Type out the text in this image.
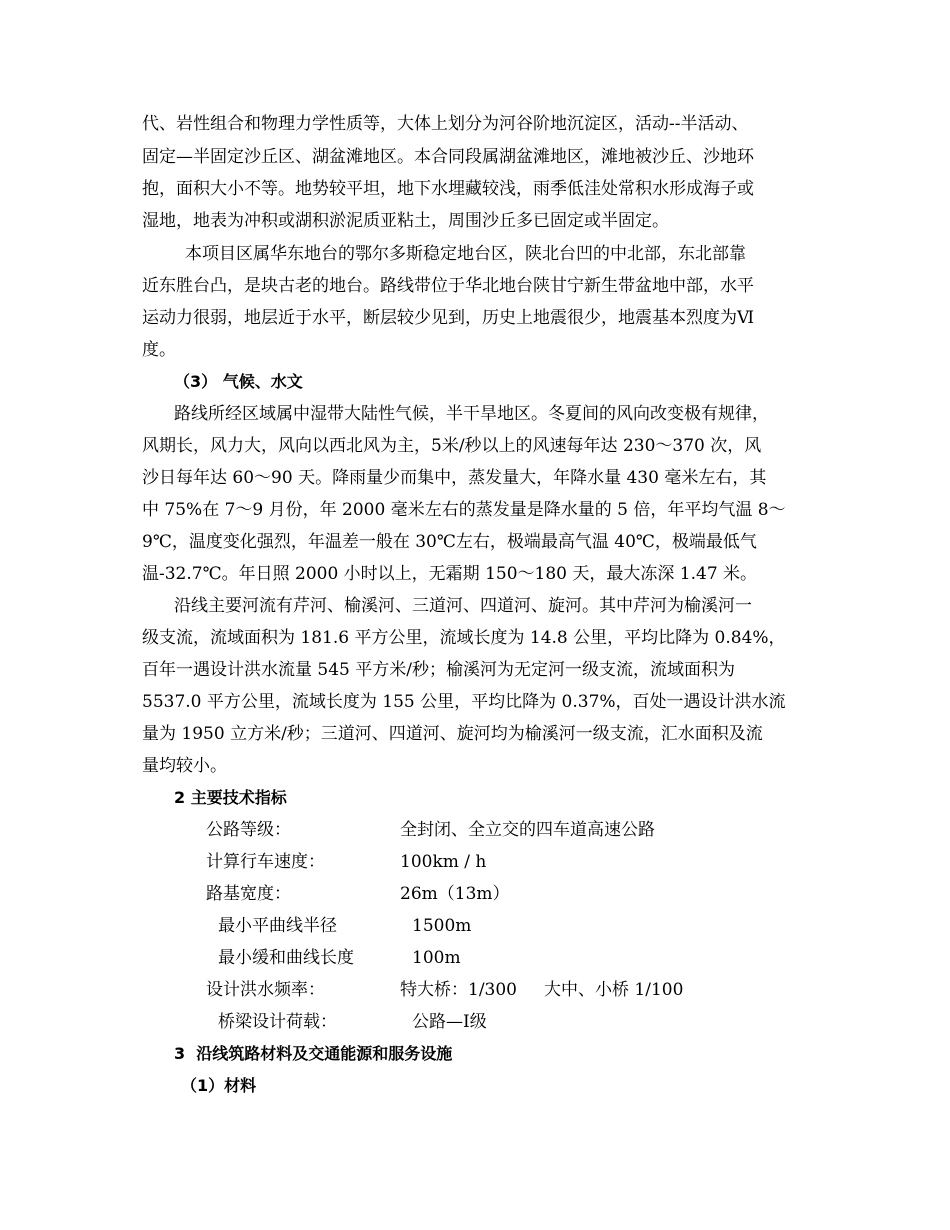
代、岩性组合和物理力学性质等，大体上划分为河谷阶地沉淀区，活动--半活动、
固定—半固定沙丘区、湖盆滩地区。本合同段属湖盆滩地区，滩地被沙丘、沙地环
抱，面积大小不等。地势较平坦，地下水埋藏较浅，雨季低洼处常积水形成海子或
湿地，地表为冲积或湖积淤泥质亚粘土，周围沙丘多已固定或半固定。
本项目区属华东地台的鄂尔多斯稳定地台区，陕北台凹的中北部，东北部靠
近东胜台凸，是块古老的地台。路线带位于华北地台陕甘宁新生带盆地中部，水平
运动力很弱，地层近于水平，断层较少见到，历史上地震很少，地震基本烈度为Ⅵ
度。
（3） 气候、水文
路线所经区域属中湿带大陆性气候，半干旱地区。冬夏间的风向改变极有规律，
风期长，风力大，风向以西北风为主，5米/秒以上的风速每年达 230～370 次，风
沙日每年达 60～90 天。降雨量少而集中，蒸发量大，年降水量 430 毫米左右，其
中 75%在 7～9 月份，年 2000 毫米左右的蒸发量是降水量的 5 倍，年平均气温 8～
9℃，温度变化强烈，年温差一般在 30℃左右，极端最高气温 40℃，极端最低气
温-32.7℃。年日照 2000 小时以上，无霜期 150～180 天，最大冻深 1.47 米。
沿线主要河流有芹河、榆溪河、三道河、四道河、旋河。其中芹河为榆溪河一
级支流，流域面积为 181.6 平方公里，流域长度为 14.8 公里，平均比降为 0.84%，
百年一遇设计洪水流量 545 平方米/秒；榆溪河为无定河一级支流，流域面积为
5537.0 平方公里，流域长度为 155 公里，平均比降为 0.37%，百处一遇设计洪水流
量为 1950 立方米/秒；三道河、四道河、旋河均为榆溪河一级支流，汇水面积及流
量均较小。
2 主要技术指标
公路等级：	全封闭、全立交的四车道高速公路
计算行车速度：	100km / h
路基宽度：	26m（13m）
最小平曲线半径	1500m
最小缓和曲线长度	100m
设计洪水频率：	特大桥：1/300     大中、小桥 1/100
桥梁设计荷载：	公路—Ⅰ级
3  沿线筑路材料及交通能源和服务设施
（1）材料
